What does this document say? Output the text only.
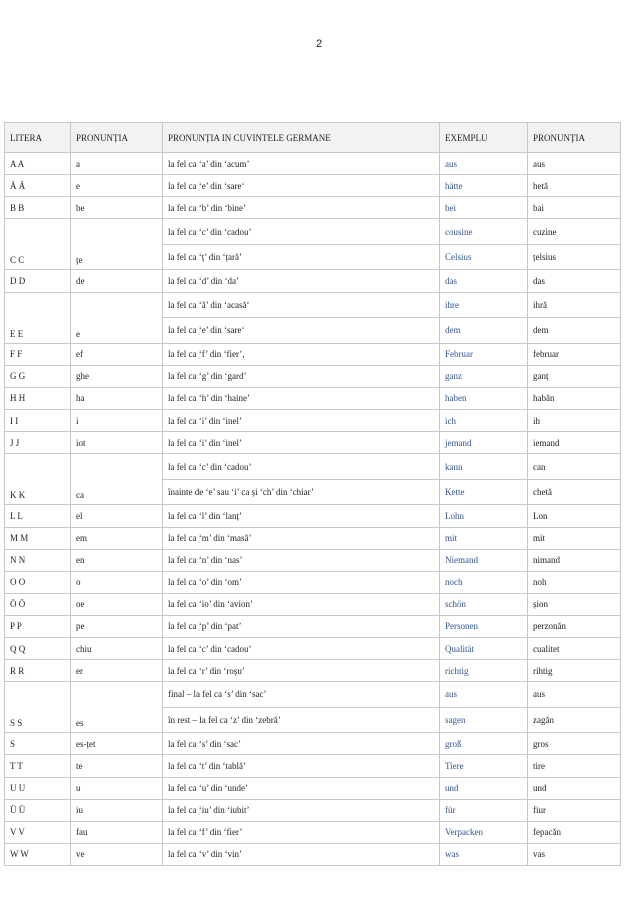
2
LITERA	PRONUNȚIA	PRONUNȚIA IN CUVINTELE GERMANE	EXEMPLU	PRONUNȚIA
A A	a	la fel ca ‘a’ din ‘acum’	aus	aus
Ä Ä	e	la fel ca ‘e’ din ‘sare‘	hätte	hetă
B B	be	la fel ca ‘b’ din ‘bine’	bei	bai
		la fel ca ‘c’ din ‘cadou’	cousine	cuzine
C C	țe	la fel ca ‘ț’ din ‘țară’	Celsius	țelsius
D D	de	la fel ca ‘d’ din ‘da’	das	das
		la fel ca ‘ă’ din ‘acasă‘	ihre	ihră
E E	e	la fel ca ‘e’ din ‘sare‘	dem	dem
F F	ef	la fel ca ‘f’ din ‘fier’,	Februar	februar
G G	ghe	la fel ca ‘g’ din ‘gard’	ganz	ganț
H H	ha	la fel ca ‘h’ din ‘haine’	haben	habăn
I I	i	la fel ca ‘i’ din ‘inel’	ich	ih
J J	iot	la fel ca ‘i’ din ‘inel’	jemand	iemand
		la fel ca ‘c’ din ‘cadou’	kann	can
K K	ca	înainte de ‘e’ sau ‘i’ ca și ‘ch’ din ‘chiar’	Kette	chetă
L L	el	la fel ca ‘l’ din ‘lanț’	Lohn	Lon
M M	em	la fel ca ‘m’ din ‘masă’	mit	mit
N N	en	la fel ca ‘n’ din ‘nas’	Niemand	nimand
O O	o	la fel ca ‘o’ din ‘om’	noch	noh
Ö Ö	oe	la fel ca ‘io’ din ‘avion’	schön	șion
P P	pe	la fel ca ‘p’ din ‘pat’	Personen	perzonăn
Q Q	chiu	la fel ca ‘c’ din ‘cadou’	Qualität	cualitet
R R	er	la fel ca ‘r’ din ‘roșu’	richtig	rihtig
		final – la fel ca ‘s’ din ‘sac’	aus	aus
S S	es	în rest – la fel ca ‘z’ din ‘zebră’	sagen	zagăn
S	es-țet	la fel ca ‘s’ din ‘sac’	groß	gros
T T	te	la fel ca ‘t’ din ‘tablă’	Tiere	tire
U U	u	la fel ca ‘u’ din ‘unde’	und	und
Ü Ü	iu	la fel ca ‘iu’ din ‘iubit’	für	fiur
V V	fau	la fel ca ‘f’ din ‘fier’	Verpacken	fepacăn
W W	ve	la fel ca ‘v’ din ‘vin’	was	vas
